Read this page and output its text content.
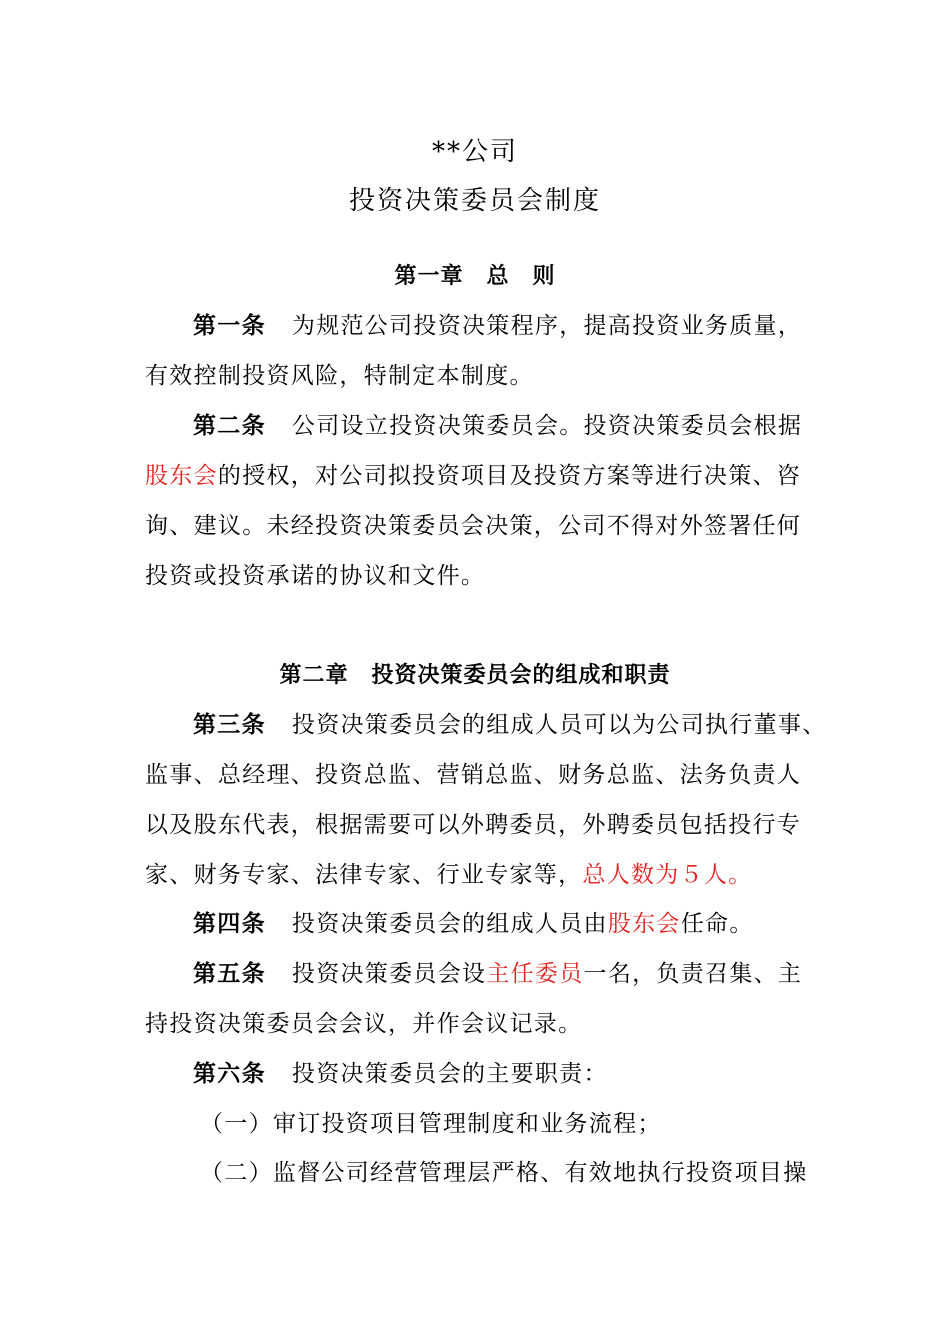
**公司
投资决策委员会制度
第一章　总　则
第一条 为规范公司投资决策程序，提高投资业务质量，
有效控制投资风险，特制定本制度。
第二条 公司设立投资决策委员会。投资决策委员会根据
股东会的授权，对公司拟投资项目及投资方案等进行决策、咨
询、建议。未经投资决策委员会决策，公司不得对外签署任何
投资或投资承诺的协议和文件。
第二章　投资决策委员会的组成和职责
第三条 投资决策委员会的组成人员可以为公司执行董事、
监事、总经理、投资总监、营销总监、财务总监、法务负责人
以及股东代表，根据需要可以外聘委员，外聘委员包括投行专
家、财务专家、法律专家、行业专家等，总人数为５人。
第四条 投资决策委员会的组成人员由股东会任命。
第五条 投资决策委员会设主任委员一名，负责召集、主
持投资决策委员会会议，并作会议记录。
第六条 投资决策委员会的主要职责：
（一）审订投资项目管理制度和业务流程；
（二）监督公司经营管理层严格、有效地执行投资项目操
